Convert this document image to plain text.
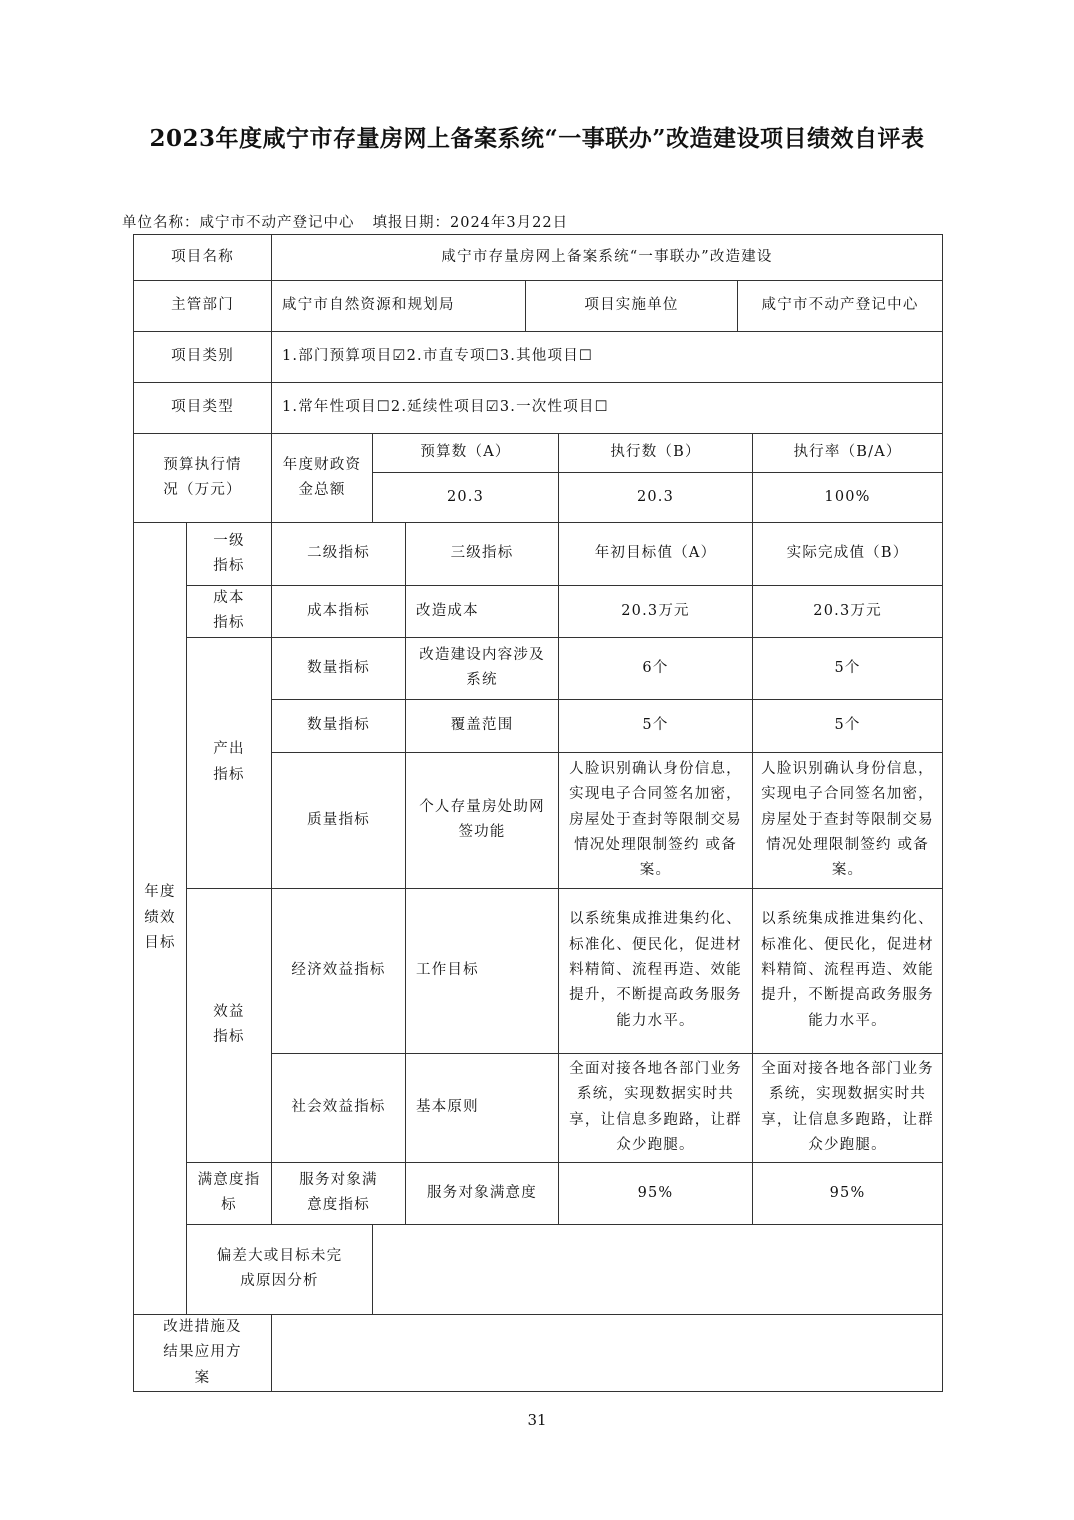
2023年度咸宁市存量房网上备案系统“一事联办”改造建设项目绩效自评表
单位名称：咸宁市不动产登记中心 填报日期：2024年3月22日
项目名称		咸宁市存量房网上备案系统“一事联办”改造建设						
主管部门		咸宁市自然资源和规划局			项目实施单位		咸宁市不动产登记中心	
项目类别		1.部门预算项目☑2.市直专项☐3.其他项目☐						
项目类型		1.常年性项目☐2.延续性项目☑3.一次性项目☐						
预算执行情况（万元）		年度财政资金总额	预算数（A）			执行数（B）		执行率（B/A）
			20.3			20.3		100%
年度绩效目标	一级指标	二级指标		三级指标		年初目标值（A）		实际完成值（B）
	成本指标	成本指标		改造成本		20.3万元		20.3万元
	产出指标	数量指标		改造建设内容涉及系统		6个		5个
		数量指标		覆盖范围		5个		5个
		质量指标		个人存量房处助网签功能		人脸识别确认身份信息，实现电子合同签名加密，房屋处于查封等限制交易情况处理限制签约 或备案。		人脸识别确认身份信息，实现电子合同签名加密，房屋处于查封等限制交易情况处理限制签约 或备案。
	效益指标	经济效益指标		工作目标		以系统集成推进集约化、标准化、便民化，促进材料精简、流程再造、效能提升，不断提高政务服务能力水平。		以系统集成推进集约化、标准化、便民化，促进材料精简、流程再造、效能提升，不断提高政务服务能力水平。
		社会效益指标		基本原则		全面对接各地各部门业务系统，实现数据实时共享，让信息多跑路，让群众少跑腿。		全面对接各地各部门业务系统，实现数据实时共享，让信息多跑路，让群众少跑腿。
	满意度指标	服务对象满意度指标		服务对象满意度		95%		95%
	偏差大或目标未完成原因分析							
改进措施及结果应用方案								
31
